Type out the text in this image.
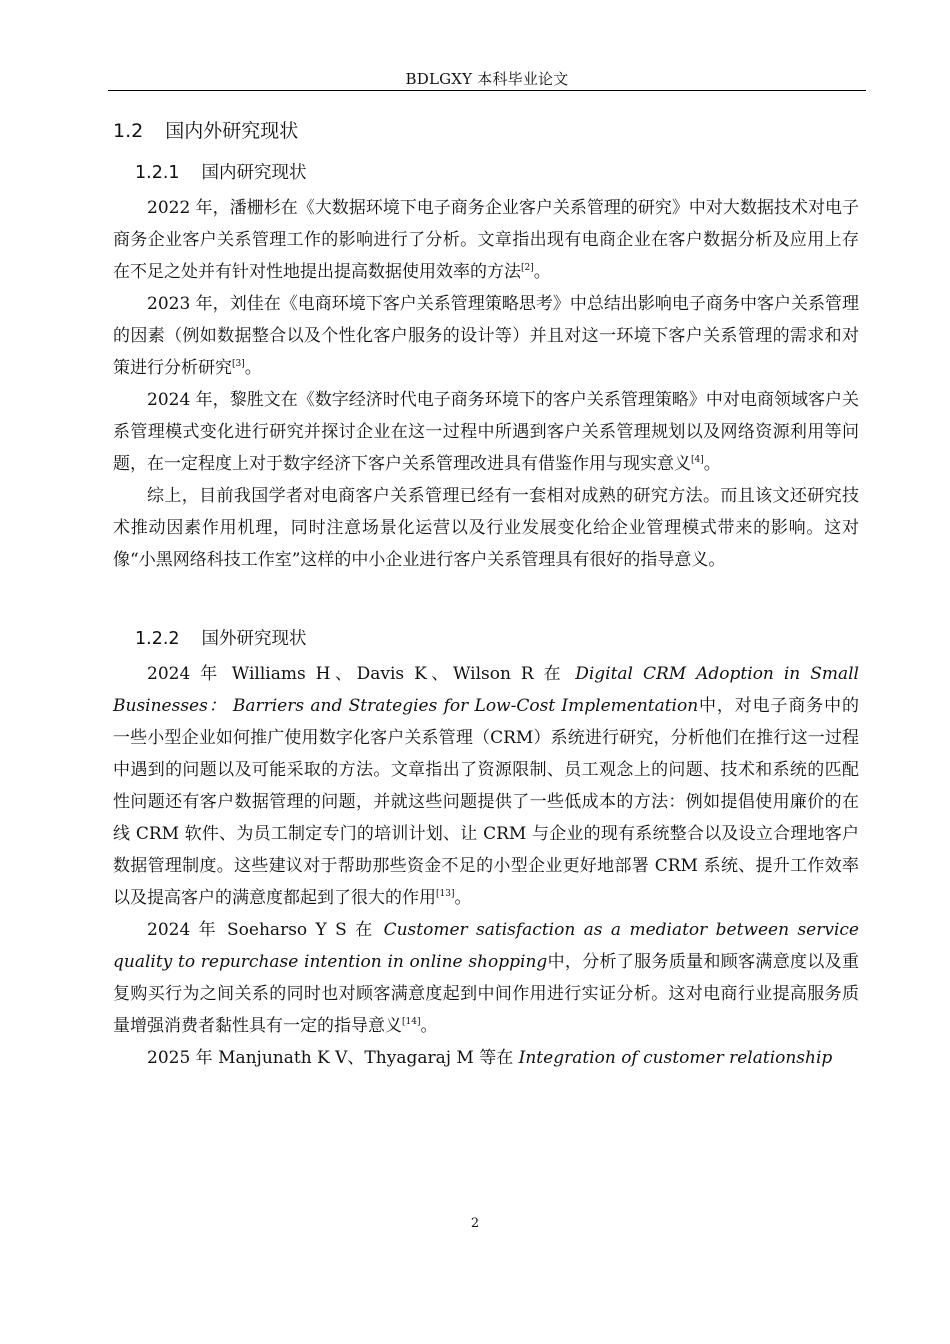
BDLGXY 本科毕业论文
1.2 国内外研究现状
1.2.1 国内研究现状

2022 年，潘栅杉在《大数据环境下电子商务企业客户关系管理的研究》中对大数据技术对电子商务企业客户关系管理工作的影响进行了分析。文章指出现有电商企业在客户数据分析及应用上存在不足之处并有针对性地提出提高数据使用效率的方法[2]。

2023 年，刘佳在《电商环境下客户关系管理策略思考》中总结出影响电子商务中客户关系管理的因素（例如数据整合以及个性化客户服务的设计等）并且对这一环境下客户关系管理的需求和对策进行分析研究[3]。

2024 年，黎胜文在《数字经济时代电子商务环境下的客户关系管理策略》中对电商领域客户关系管理模式变化进行研究并探讨企业在这一过程中所遇到客户关系管理规划以及网络资源利用等问题，在一定程度上对于数字经济下客户关系管理改进具有借鉴作用与现实意义[4]。

综上，目前我国学者对电商客户关系管理已经有一套相对成熟的研究方法。而且该文还研究技术推动因素作用机理，同时注意场景化运营以及行业发展变化给企业管理模式带来的影响。这对像“小黑网络科技工作室”这样的中小企业进行客户关系管理具有很好的指导意义。

1.2.2 国外研究现状

2024 年 Williams H、Davis K、Wilson R 在 Digital CRM Adoption in Small Businesses： Barriers and Strategies for Low-Cost Implementation中，对电子商务中的一些小型企业如何推广使用数字化客户关系管理（CRM）系统进行研究，分析他们在推行这一过程中遇到的问题以及可能采取的方法。文章指出了资源限制、员工观念上的问题、技术和系统的匹配性问题还有客户数据管理的问题，并就这些问题提供了一些低成本的方法：例如提倡使用廉价的在线 CRM 软件、为员工制定专门的培训计划、让 CRM 与企业的现有系统整合以及设立合理地客户数据管理制度。这些建议对于帮助那些资金不足的小型企业更好地部署 CRM 系统、提升工作效率以及提高客户的满意度都起到了很大的作用[13]。

2024 年 Soeharso Y S 在 Customer satisfaction as a mediator between service quality to repurchase intention in online shopping中，分析了服务质量和顾客满意度以及重复购买行为之间关系的同时也对顾客满意度起到中间作用进行实证分析。这对电商行业提高服务质量增强消费者黏性具有一定的指导意义[14]。

2025 年 Manjunath K V、Thyagaraj M 等在 Integration of customer relationship

2
